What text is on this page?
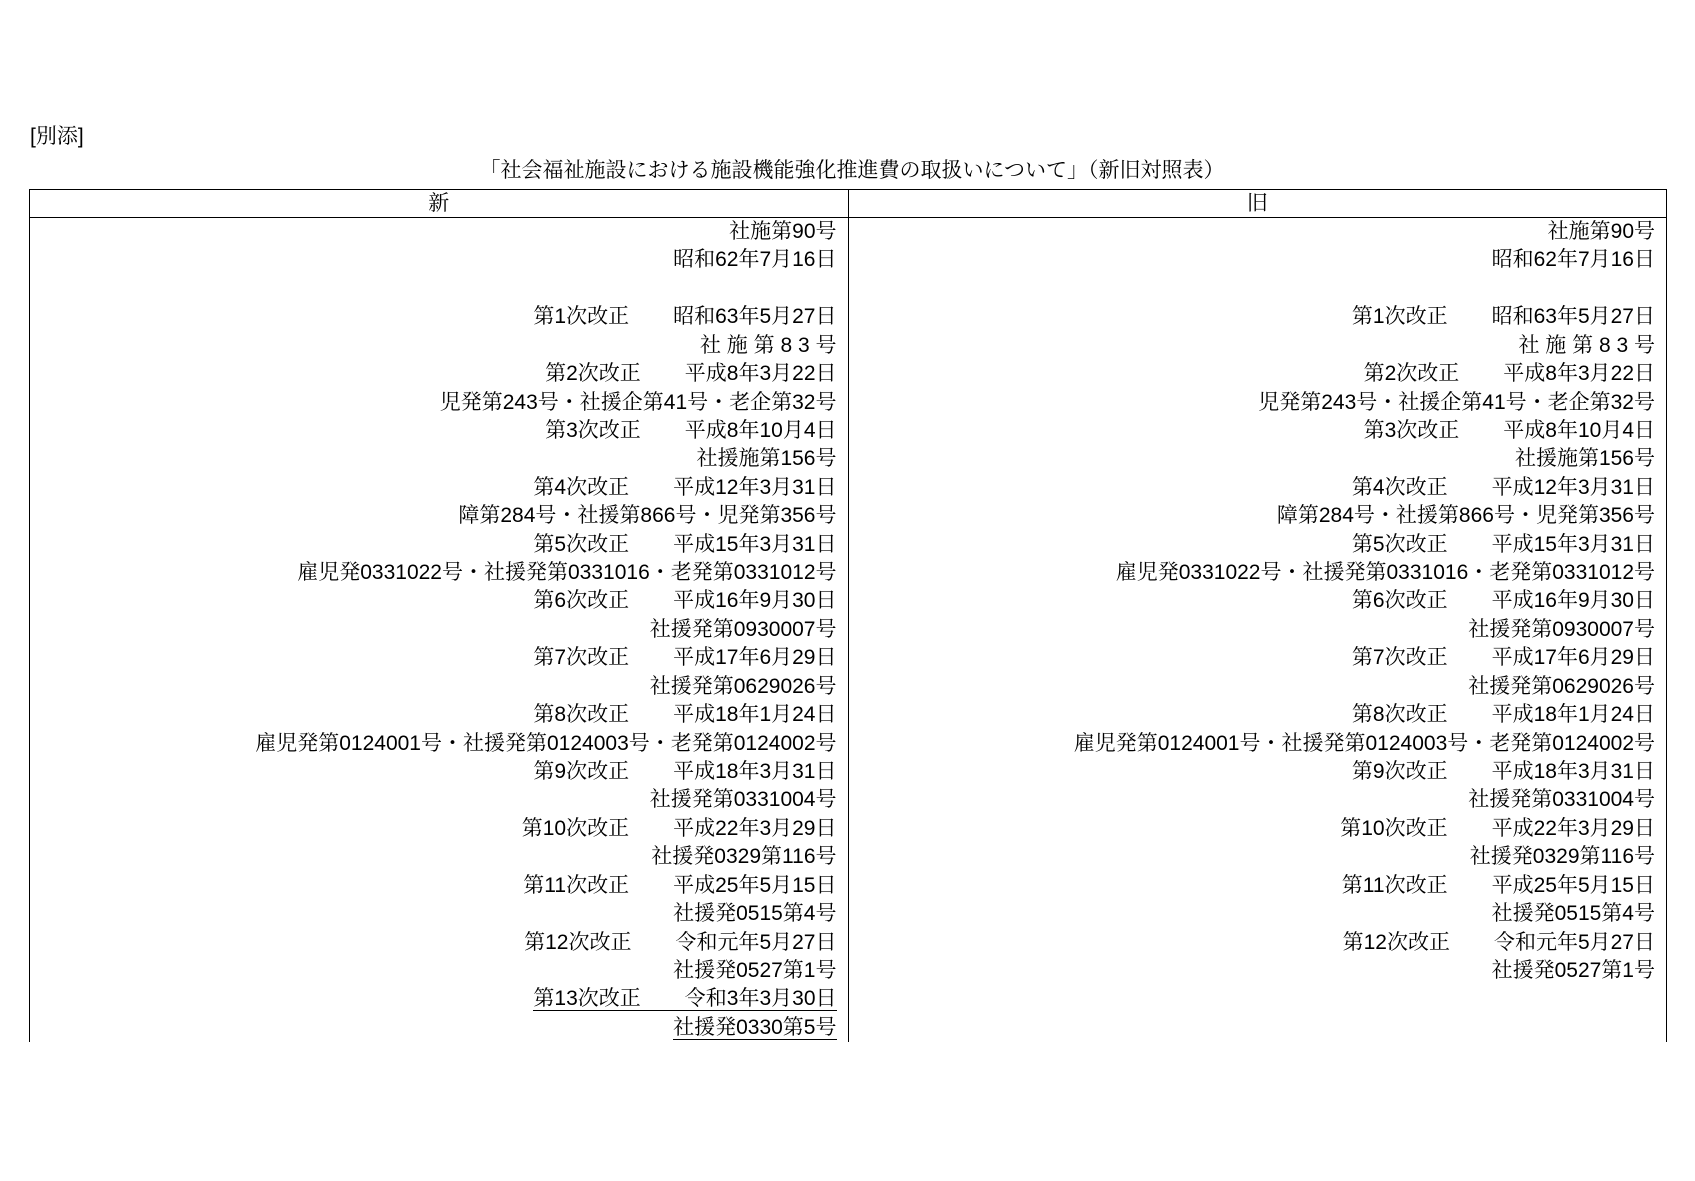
[別添]
「社会福祉施設における施設機能強化推進費の取扱いについて」（新旧対照表）
新
社施第90号
昭和62年7月16日
第1次改正 昭和63年5月27日
社 施 第 8 3 号
第2次改正 平成8年3月22日
児発第243号・社援企第41号・老企第32号
第3次改正 平成8年10月4日
社援施第156号
第4次改正 平成12年3月31日
障第284号・社援第866号・児発第356号
第5次改正 平成15年3月31日
雇児発0331022号・社援発第0331016・老発第0331012号
第6次改正 平成16年9月30日
社援発第0930007号
第7次改正 平成17年6月29日
社援発第0629026号
第8次改正 平成18年1月24日
雇児発第0124001号・社援発第0124003号・老発第0124002号
第9次改正 平成18年3月31日
社援発第0331004号
第10次改正 平成22年3月29日
社援発0329第116号
第11次改正 平成25年5月15日
社援発0515第4号
第12次改正 令和元年5月27日
社援発0527第1号
第13次改正 令和3年3月30日
社援発0330第5号
旧
社施第90号
昭和62年7月16日
第1次改正 昭和63年5月27日
社 施 第 8 3 号
第2次改正 平成8年3月22日
児発第243号・社援企第41号・老企第32号
第3次改正 平成8年10月4日
社援施第156号
第4次改正 平成12年3月31日
障第284号・社援第866号・児発第356号
第5次改正 平成15年3月31日
雇児発0331022号・社援発第0331016・老発第0331012号
第6次改正 平成16年9月30日
社援発第0930007号
第7次改正 平成17年6月29日
社援発第0629026号
第8次改正 平成18年1月24日
雇児発第0124001号・社援発第0124003号・老発第0124002号
第9次改正 平成18年3月31日
社援発第0331004号
第10次改正 平成22年3月29日
社援発0329第116号
第11次改正 平成25年5月15日
社援発0515第4号
第12次改正 令和元年5月27日
社援発0527第1号
